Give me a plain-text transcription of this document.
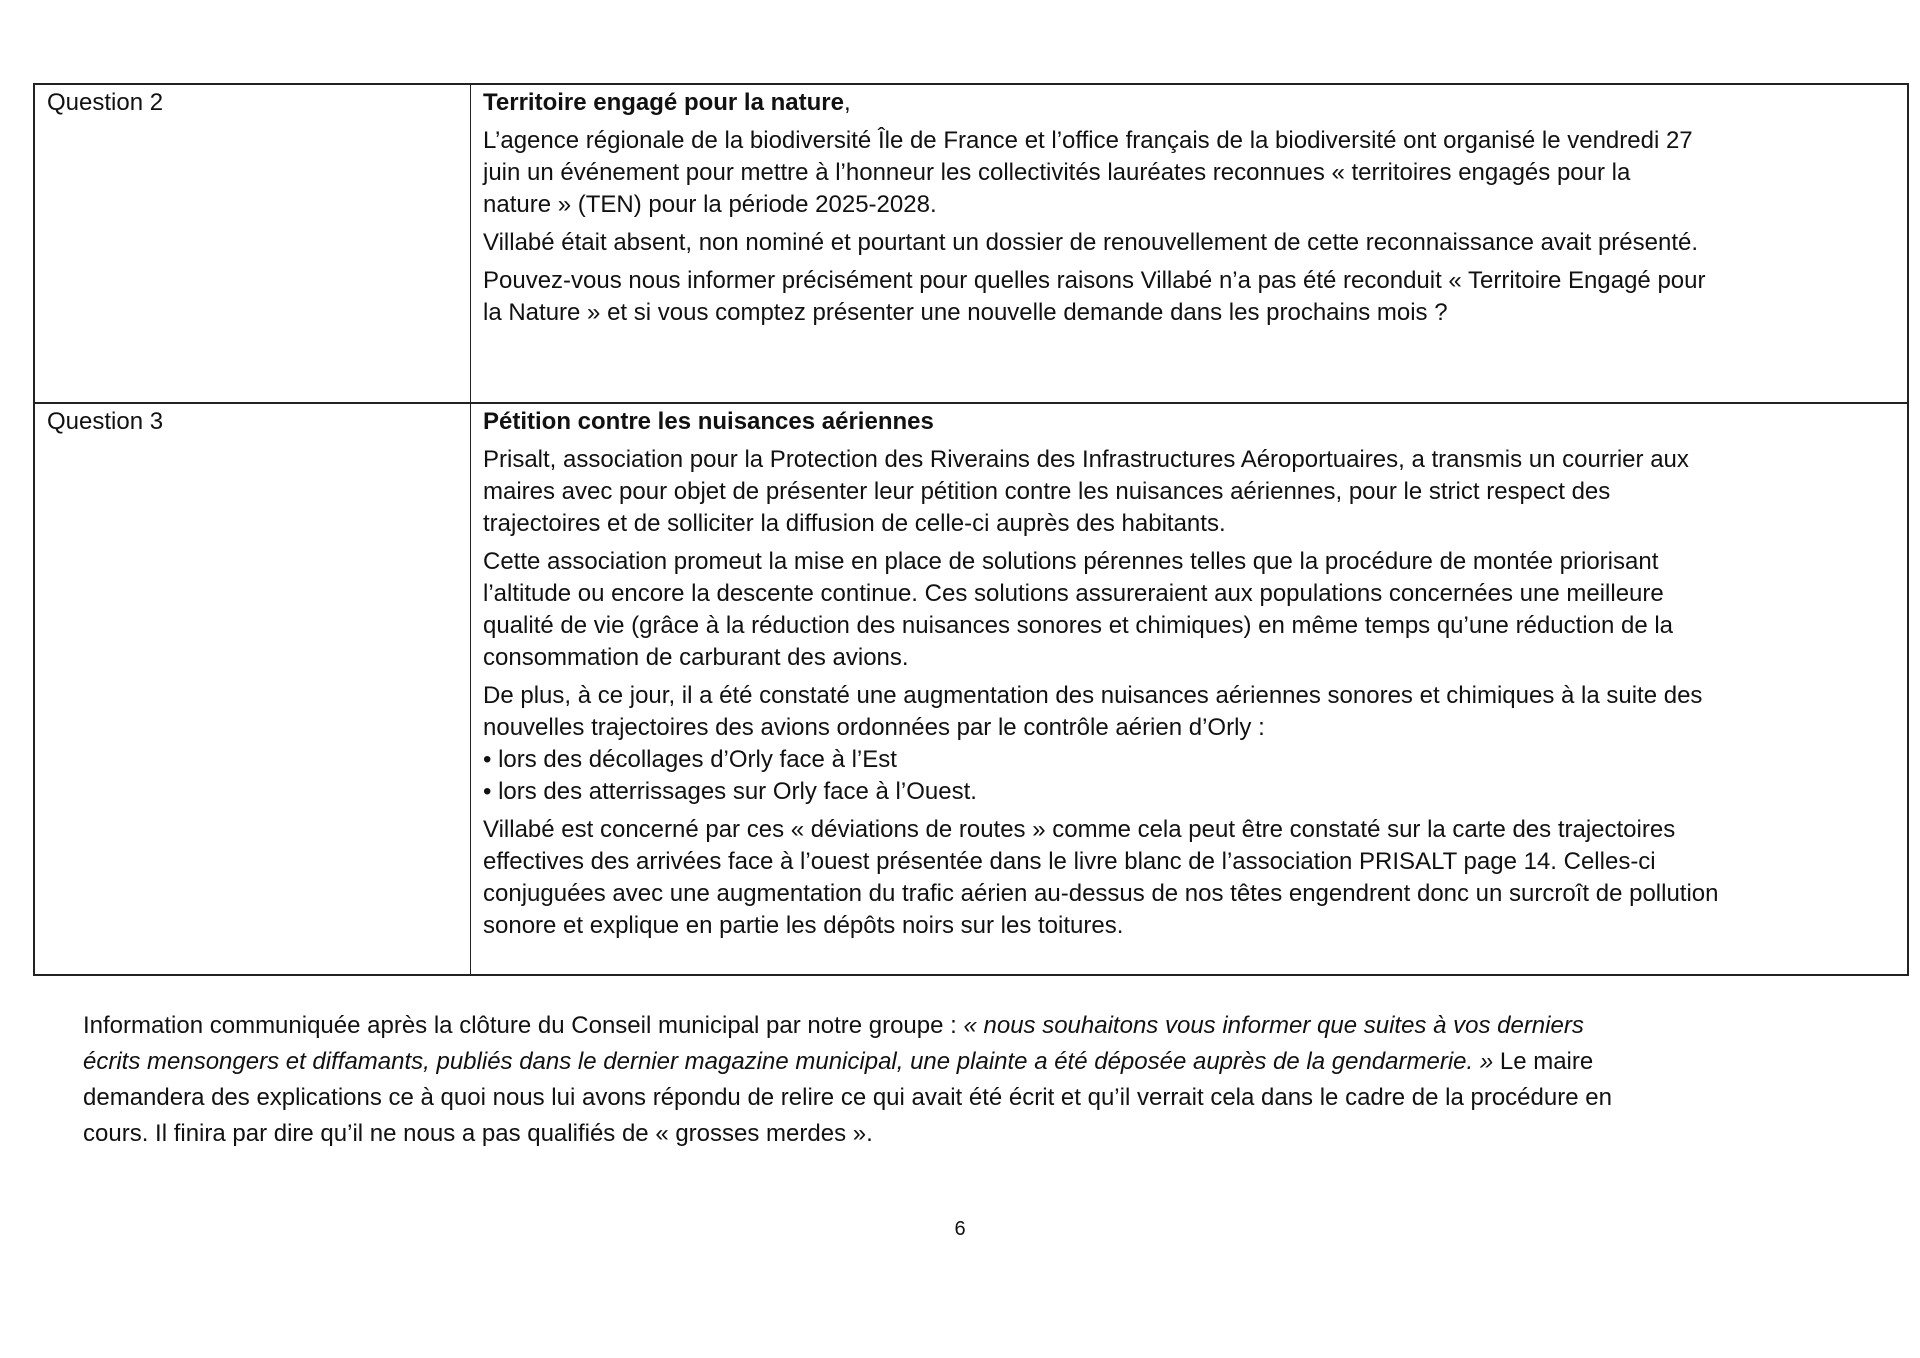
Question 2	Territoire engagé pour la nature,
L’agence régionale de la biodiversité Île de France et l’office français de la biodiversité ont organisé le vendredi 27
juin un événement pour mettre à l’honneur les collectivités lauréates reconnues « territoires engagés pour la
nature » (TEN) pour la période 2025-2028.
Villabé était absent, non nominé et pourtant un dossier de renouvellement de cette reconnaissance avait présenté.
Pouvez-vous nous informer précisément pour quelles raisons Villabé n’a pas été reconduit « Territoire Engagé pour
la Nature » et si vous comptez présenter une nouvelle demande dans les prochains mois ?
Question 3	Pétition contre les nuisances aériennes
Prisalt, association pour la Protection des Riverains des Infrastructures Aéroportuaires, a transmis un courrier aux
maires avec pour objet de présenter leur pétition contre les nuisances aériennes, pour le strict respect des
trajectoires et de solliciter la diffusion de celle-ci auprès des habitants.
Cette association promeut la mise en place de solutions pérennes telles que la procédure de montée priorisant
l’altitude ou encore la descente continue. Ces solutions assureraient aux populations concernées une meilleure
qualité de vie (grâce à la réduction des nuisances sonores et chimiques) en même temps qu’une réduction de la
consommation de carburant des avions.
De plus, à ce jour, il a été constaté une augmentation des nuisances aériennes sonores et chimiques à la suite des
nouvelles trajectoires des avions ordonnées par le contrôle aérien d’Orly :
• lors des décollages d’Orly face à l’Est
• lors des atterrissages sur Orly face à l’Ouest.
Villabé est concerné par ces « déviations de routes » comme cela peut être constaté sur la carte des trajectoires
effectives des arrivées face à l’ouest présentée dans le livre blanc de l’association PRISALT page 14. Celles-ci
conjuguées avec une augmentation du trafic aérien au-dessus de nos têtes engendrent donc un surcroît de pollution
sonore et explique en partie les dépôts noirs sur les toitures.
Information communiquée après la clôture du Conseil municipal par notre groupe : « nous souhaitons vous informer que suites à vos derniers
écrits mensongers et diffamants, publiés dans le dernier magazine municipal, une plainte a été déposée auprès de la gendarmerie. » Le maire
demandera des explications ce à quoi nous lui avons répondu de relire ce qui avait été écrit et qu’il verrait cela dans le cadre de la procédure en
cours. Il finira par dire qu’il ne nous a pas qualifiés de « grosses merdes ».
6
